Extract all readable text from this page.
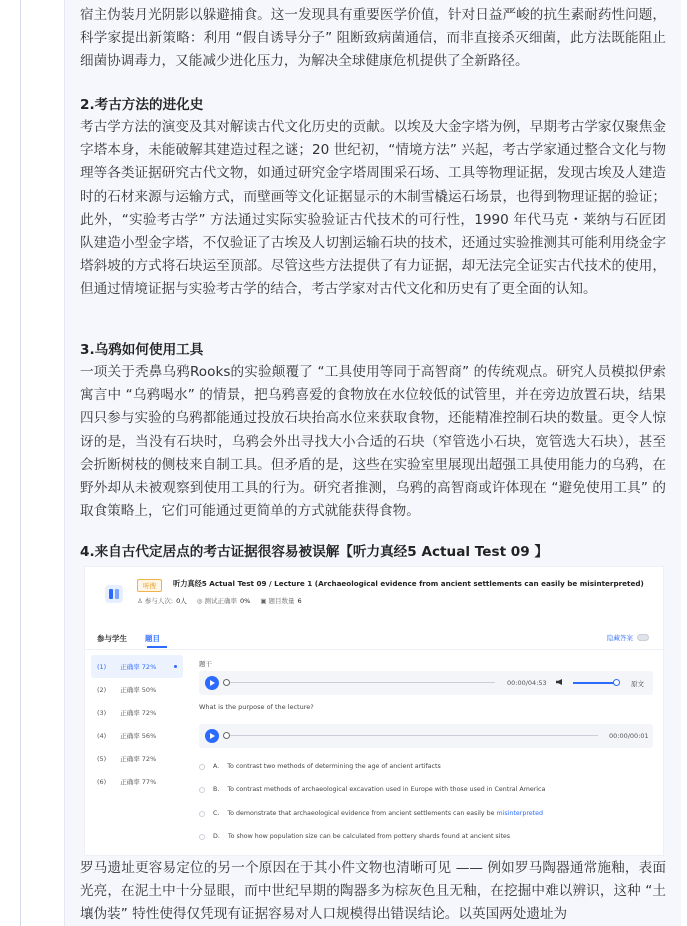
宿主伪装月光阴影以躲避捕食。这一发现具有重要医学价值，针对日益严峻的抗生素耐药性问题，科学家提出新策略：利用 “假自诱导分子” 阻断致病菌通信，而非直接杀灭细菌，此方法既能阻止细菌协调毒力，又能减少进化压力，为解决全球健康危机提供了全新路径。
2.考古方法的进化史
考古学方法的演变及其对解读古代文化历史的贡献。以埃及大金字塔为例，早期考古学家仅聚焦金字塔本身，未能破解其建造过程之谜；20 世纪初，“情境方法” 兴起，考古学家通过整合文化与物理等各类证据研究古代文物，如通过研究金字塔周围采石场、工具等物理证据，发现古埃及人建造时的石材来源与运输方式，而壁画等文化证据显示的木制雪橇运石场景，也得到物理证据的验证；此外，“实验考古学” 方法通过实际实验验证古代技术的可行性，1990 年代马克・莱纳与石匠团队建造小型金字塔，不仅验证了古埃及人切割运输石块的技术，还通过实验推测其可能利用绕金字塔斜坡的方式将石块运至顶部。尽管这些方法提供了有力证据，却无法完全证实古代技术的使用，但通过情境证据与实验考古学的结合，考古学家对古代文化和历史有了更全面的认知。
3.乌鸦如何使用工具
一项关于秃鼻乌鸦Rooks的实验颠覆了 “工具使用等同于高智商” 的传统观点。研究人员模拟伊索寓言中 “乌鸦喝水” 的情景，把乌鸦喜爱的食物放在水位较低的试管里，并在旁边放置石块，结果四只参与实验的乌鸦都能通过投放石块抬高水位来获取食物，还能精准控制石块的数量。更令人惊讶的是，当没有石块时，乌鸦会外出寻找大小合适的石块（窄管选小石块，宽管选大石块），甚至会折断树枝的侧枝来自制工具。但矛盾的是，这些在实验室里展现出超强工具使用能力的乌鸦，在野外却从未被观察到使用工具的行为。研究者推测，乌鸦的高智商或许体现在 “避免使用工具” 的取食策略上，它们可能通过更简单的方式就能获得食物。
4.来自古代定居点的考古证据很容易被误解【听力真经5 Actual Test 09 】
听搜	听力真经5 Actual Test 09 / Lecture 1 (Archaeological evidence from ancient settlements can easily be misinterpreted)
♙ 参与人次: 0人 ◎ 测试正确率 0% ▣ 题目数量 6
参与学生 题目	隐藏答案
(1) 正确率 72%
(2) 正确率 50%
(3) 正确率 72%
(4) 正确率 56%
(5) 正确率 72%
(6) 正确率 77%
题干
00:00/04:53	原文
What is the purpose of the lecture?
00:00/00:01
A. To contrast two methods of determining the age of ancient artifacts
B. To contrast methods of archaeological excavation used in Europe with those used in Central America
C. To demonstrate that archaeological evidence from ancient settlements can easily be misinterpreted
D. To show how population size can be calculated from pottery shards found at ancient sites
罗马遗址更容易定位的另一个原因在于其小件文物也清晰可见 —— 例如罗马陶器通常施釉，表面光亮，在泥土中十分显眼，而中世纪早期的陶器多为棕灰色且无釉，在挖掘中难以辨识，这种 “土壤伪装” 特性使得仅凭现有证据容易对人口规模得出错误结论。以英国两处遗址为
